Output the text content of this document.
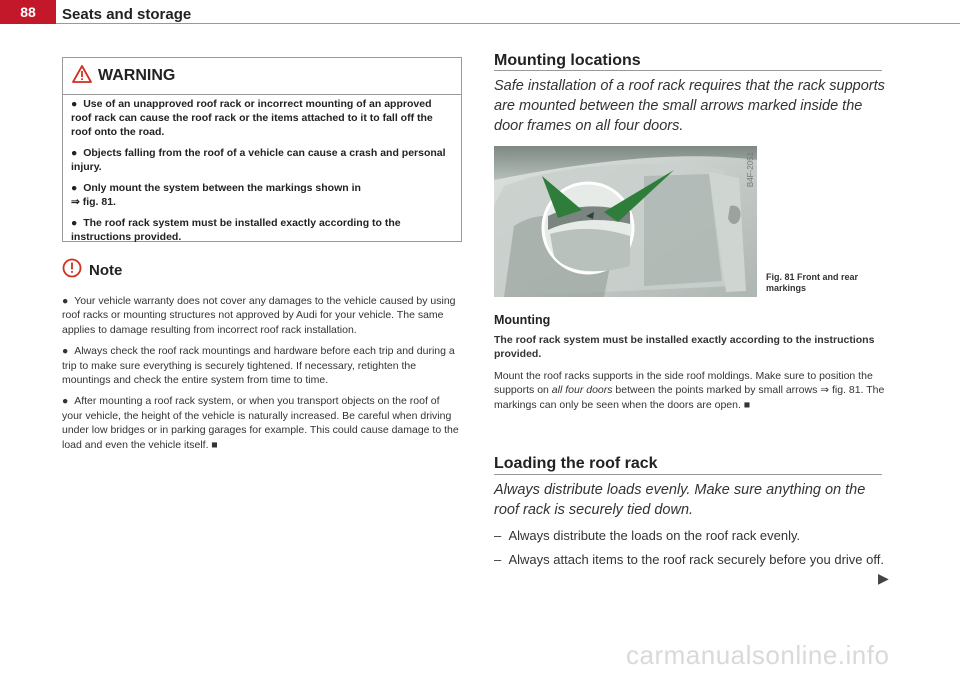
88	Seats and storage
WARNING

●  Use of an unapproved roof rack or incorrect mounting of an approved roof rack can cause the roof rack or the items attached to it to fall off the roof onto the road.

●  Objects falling from the roof of a vehicle can cause a crash and personal injury.

●  Only mount the system between the markings shown in

⇒ fig. 81.

●  The roof rack system must be installed exactly according to the instructions provided.

Note

●  Your vehicle warranty does not cover any damages to the vehicle caused by using roof racks or mounting structures not approved by Audi for your vehicle. The same applies to damage resulting from incorrect roof rack installation.

●  Always check the roof rack mountings and hardware before each trip and during a trip to make sure everything is securely tightened. If necessary, retighten the mountings and check the entire system from time to time.

●  After mounting a roof rack system, or when you transport objects on the roof of your vehicle, the height of the vehicle is naturally increased. Be careful when driving under low bridges or in parking garages for example. This could cause damage to the load and even the vehicle itself. ■

Mounting locations
Safe installation of a roof rack requires that the rack supports are mounted between the small arrows marked inside the door frames on all four doors.
B4F-2051
Fig. 81 Front and rear markings
Mounting

The roof rack system must be installed exactly according to the instructions provided.

Mount the roof racks supports in the side roof moldings. Make sure to position the supports on all four doors between the points marked by small arrows ⇒ fig. 81. The markings can only be seen when the doors are open. ■

Loading the roof rack
Always distribute loads evenly. Make sure anything on the roof rack is securely tied down.
–  Always distribute the loads on the roof rack evenly.
–  Always attach items to the roof rack securely before you drive off.
▶
carmanualsonline.info
